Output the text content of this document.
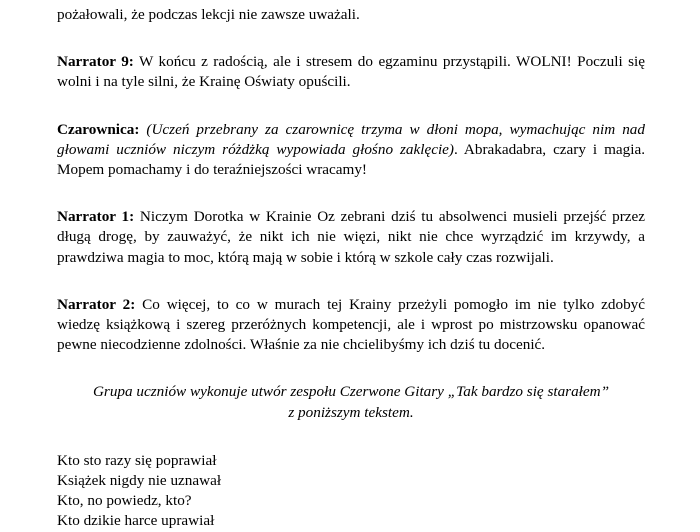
pożałowali, że podczas lekcji nie zawsze uważali.

Narrator 9: W końcu z radością, ale i stresem do egzaminu przystąpili. WOLNI! Poczuli się wolni i na tyle silni, że Krainę Oświaty opuścili.

Czarownica: (Uczeń przebrany za czarownicę trzyma w dłoni mopa, wymachując nim nad głowami uczniów niczym różdżką wypowiada głośno zaklęcie). Abrakadabra, czary i magia. Mopem pomachamy i do teraźniejszości wracamy!

Narrator 1: Niczym Dorotka w Krainie Oz zebrani dziś tu absolwenci musieli przejść przez długą drogę, by zauważyć, że nikt ich nie więzi, nikt nie chce wyrządzić im krzywdy, a prawdziwa magia to moc, którą mają w sobie i którą w szkole cały czas rozwijali.

Narrator 2: Co więcej, to co w murach tej Krainy przeżyli pomogło im nie tylko zdobyć wiedzę książkową i szereg przeróżnych kompetencji, ale i wprost po mistrzowsku opanować pewne niecodzienne zdolności. Właśnie za nie chcielibyśmy ich dziś tu docenić.

Grupa uczniów wykonuje utwór zespołu Czerwone Gitary „Tak bardzo się starałem”
z poniższym tekstem.
Kto sto razy się poprawiał
Książek nigdy nie uznawał
Kto, no powiedz, kto?
Kto dzikie harce uprawiał
